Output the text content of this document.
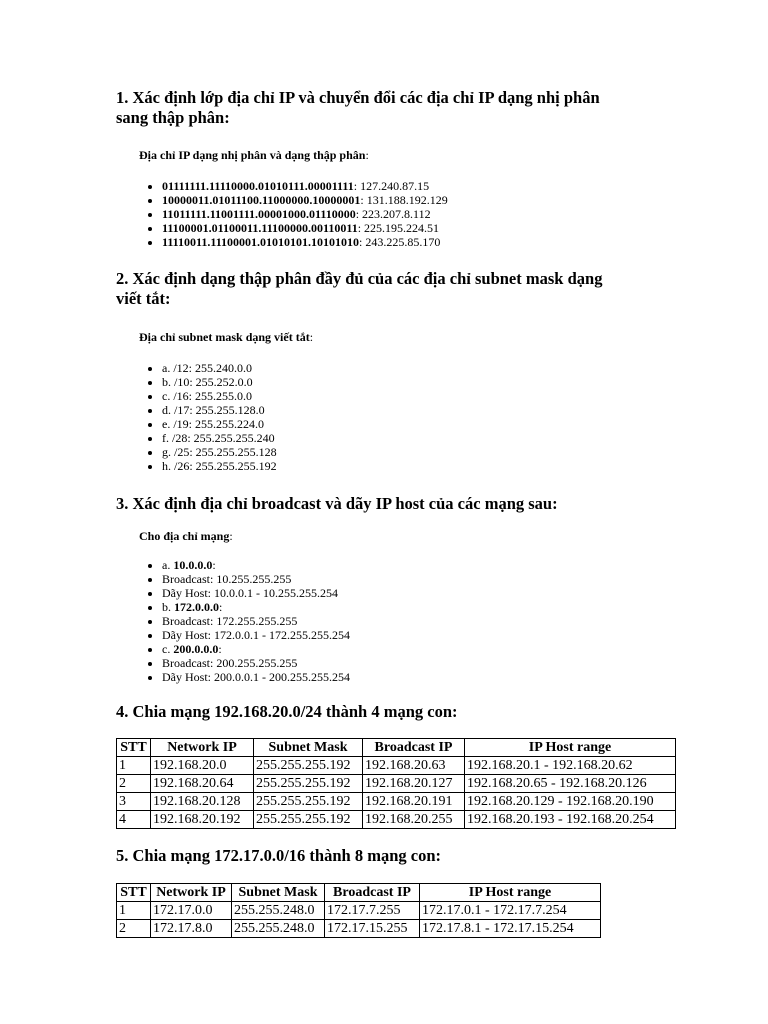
1. Xác định lớp địa chỉ IP và chuyển đổi các địa chỉ IP dạng nhị phân
sang thập phân:

Địa chỉ IP dạng nhị phân và dạng thập phân:

• 01111111.11110000.01010111.00001111: 127.240.87.15
• 10000011.01011100.11000000.10000001: 131.188.192.129
• 11011111.11001111.00001000.01110000: 223.207.8.112
• 11100001.01100011.11100000.00110011: 225.195.224.51
• 11110011.11100001.01010101.10101010: 243.225.85.170
2. Xác định dạng thập phân đầy đủ của các địa chỉ subnet mask dạng
viết tắt:

Địa chỉ subnet mask dạng viết tắt:

• a. /12: 255.240.0.0
• b. /10: 255.252.0.0
• c. /16: 255.255.0.0
• d. /17: 255.255.128.0
• e. /19: 255.255.224.0
• f. /28: 255.255.255.240
• g. /25: 255.255.255.128
• h. /26: 255.255.255.192
3. Xác định địa chỉ broadcast và dãy IP host của các mạng sau:

Cho địa chỉ mạng:

• a. 10.0.0.0:
• Broadcast: 10.255.255.255
• Dãy Host: 10.0.0.1 - 10.255.255.254
• b. 172.0.0.0:
• Broadcast: 172.255.255.255
• Dãy Host: 172.0.0.1 - 172.255.255.254
• c. 200.0.0.0:
• Broadcast: 200.255.255.255
• Dãy Host: 200.0.0.1 - 200.255.255.254
4. Chia mạng 192.168.20.0/24 thành 4 mạng con:
STT	Network IP	Subnet Mask	Broadcast IP	IP Host range
1	192.168.20.0	255.255.255.192	192.168.20.63	192.168.20.1 - 192.168.20.62
2	192.168.20.64	255.255.255.192	192.168.20.127	192.168.20.65 - 192.168.20.126
3	192.168.20.128	255.255.255.192	192.168.20.191	192.168.20.129 - 192.168.20.190
4	192.168.20.192	255.255.255.192	192.168.20.255	192.168.20.193 - 192.168.20.254
5. Chia mạng 172.17.0.0/16 thành 8 mạng con:
STT	Network IP	Subnet Mask	Broadcast IP	IP Host range
1	172.17.0.0	255.255.248.0	172.17.7.255	172.17.0.1 - 172.17.7.254
2	172.17.8.0	255.255.248.0	172.17.15.255	172.17.8.1 - 172.17.15.254
